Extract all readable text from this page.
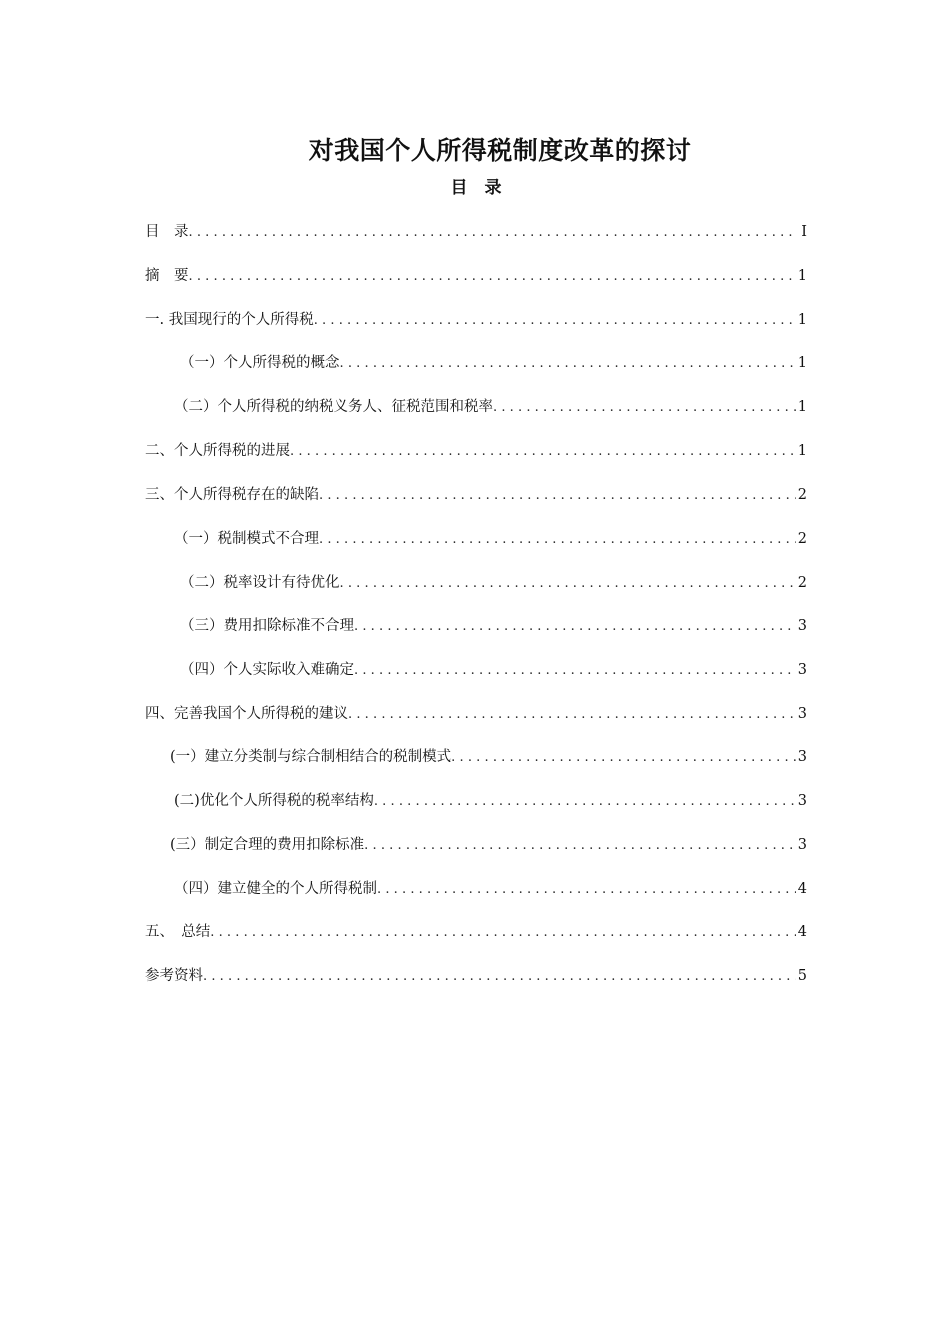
对我国个人所得税制度改革的探讨
目　录
目　录 .....	I
摘　要 .....	1
一. 我国现行的个人所得税 .....	1
（一）个人所得税的概念 .....	1
（二）个人所得税的纳税义务人、征税范围和税率 .....	1
二、个人所得税的进展 .....	1
三、个人所得税存在的缺陷 .....	2
（一）税制模式不合理 .....	2
（二）税率设计有待优化 .....	2
（三）费用扣除标准不合理 .....	3
（四）个人实际收入难确定 .....	3
四、完善我国个人所得税的建议 .....	3
(一）建立分类制与综合制相结合的税制模式 .....	3
(二)优化个人所得税的税率结构 .....	3
(三）制定合理的费用扣除标准 .....	3
（四）建立健全的个人所得税制 .....	4
五、　总结 .....	4
参考资料 .....	5
